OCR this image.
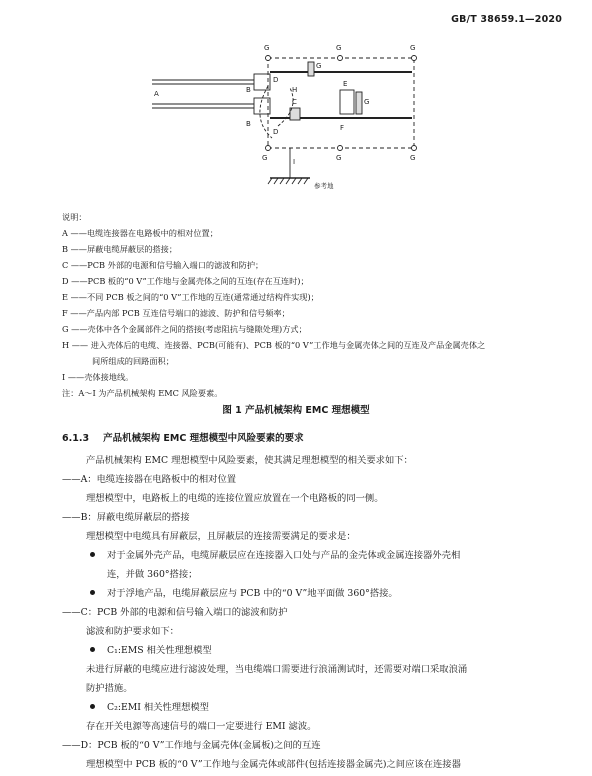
GB/T 38659.1—2020
G	G	G
G	G	G
A	B
B
C
D
D
E
G
G
F
H
I
参考地
说明：
A ——电缆连接器在电路板中的相对位置；
B ——屏蔽电缆屏蔽层的搭接；
C ——PCB 外部的电源和信号输入端口的滤波和防护；
D ——PCB 板的“0 V”工作地与金属壳体之间的互连(存在互连时)；
E ——不同 PCB 板之间的“0 V”工作地的互连(通常通过结构件实现)；
F ——产品内部 PCB 互连信号端口的滤波、防护和信号频率；
G ——壳体中各个金属部件之间的搭接(考虑阻抗与缝隙处理)方式；
H —— 进入壳体后的电缆、连接器、PCB(可能有)、PCB 板的“0 V”工作地与金属壳体之间的互连及产品金属壳体之
间所组成的回路面积；
I ——壳体接地线。
注：A～I 为产品机械架构 EMC 风险要素。
图 1 产品机械架构 EMC 理想模型
6.1.3 产品机械架构 EMC 理想模型中风险要素的要求
产品机械架构 EMC 理想模型中风险要素，使其满足理想模型的相关要求如下：
——A：电缆连接器在电路板中的相对位置
理想模型中，电路板上的电缆的连接位置应放置在一个电路板的同一侧。
——B：屏蔽电缆屏蔽层的搭接
理想模型中电缆具有屏蔽层，且屏蔽层的连接需要满足的要求是：
对于金属外壳产品，电缆屏蔽层应在连接器入口处与产品的金壳体或金属连接器外壳相
连，并做 360°搭接；
对于浮地产品，电缆屏蔽层应与 PCB 中的“0 V”地平面做 360°搭接。
——C：PCB 外部的电源和信号输入端口的滤波和防护
滤波和防护要求如下：
C₁:EMS 相关性理想模型
未进行屏蔽的电缆应进行滤波处理，当电缆端口需要进行浪涌测试时，还需要对端口采取浪涌
防护措施。
C₂:EMI 相关性理想模型
存在开关电源等高速信号的端口一定要进行 EMI 滤波。
——D：PCB 板的“0 V”工作地与金属壳体(金属板)之间的互连
理想模型中 PCB 板的“0 V”工作地与金属壳体或部件(包括连接器金属壳)之间应该在连接器
